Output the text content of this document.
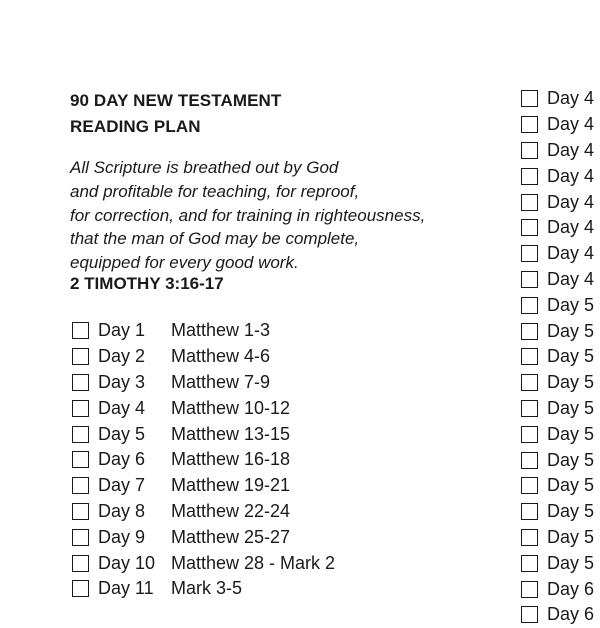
90 DAY NEW TESTAMENT
READING PLAN
All Scripture is breathed out by God
and profitable for teaching, for reproof,
for correction, and for training in righteousness,
that the man of God may be complete,
equipped for every good work.
2 TIMOTHY 3:16-17
Day 1	Matthew 1-3
Day 2	Matthew 4-6
Day 3	Matthew 7-9
Day 4	Matthew 10-12
Day 5	Matthew 13-15
Day 6	Matthew 16-18
Day 7	Matthew 19-21
Day 8	Matthew 22-24
Day 9	Matthew 25-27
Day 10 Matthew 28 - Mark 2
Day 11 Mark 3-5
Day 4
Day 4
Day 4
Day 4
Day 4
Day 4
Day 4
Day 4
Day 5
Day 5
Day 5
Day 5
Day 5
Day 5
Day 5
Day 5
Day 5
Day 5
Day 5
Day 6
Day 6
